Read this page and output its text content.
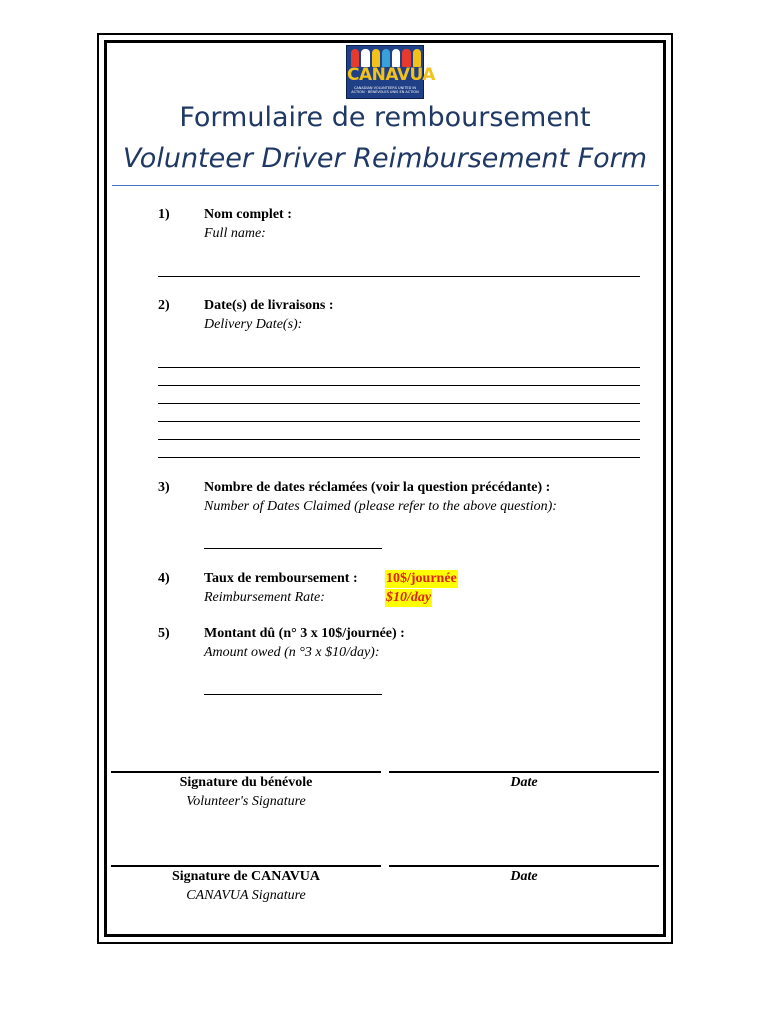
CANAVUA
CANADIAN VOLUNTEERS UNITED IN ACTION · BÉNÉVOLES UNIS EN ACTION
Formulaire de remboursement
Volunteer Driver Reimbursement Form
1) Nom complet :
Full name:
2) Date(s) de livraisons :
Delivery Date(s):
3) Nombre de dates réclamées (voir la question précédante) :
Number of Dates Claimed (please refer to the above question):
4) Taux de remboursement :
Reimbursement Rate:
10$/journée
$10/day
5) Montant dû (n° 3 x 10$/journée) :
Amount owed (n °3 x $10/day):
Signature du bénévole
Volunteer's Signature
Date
Signature de CANAVUA
CANAVUA Signature
Date
